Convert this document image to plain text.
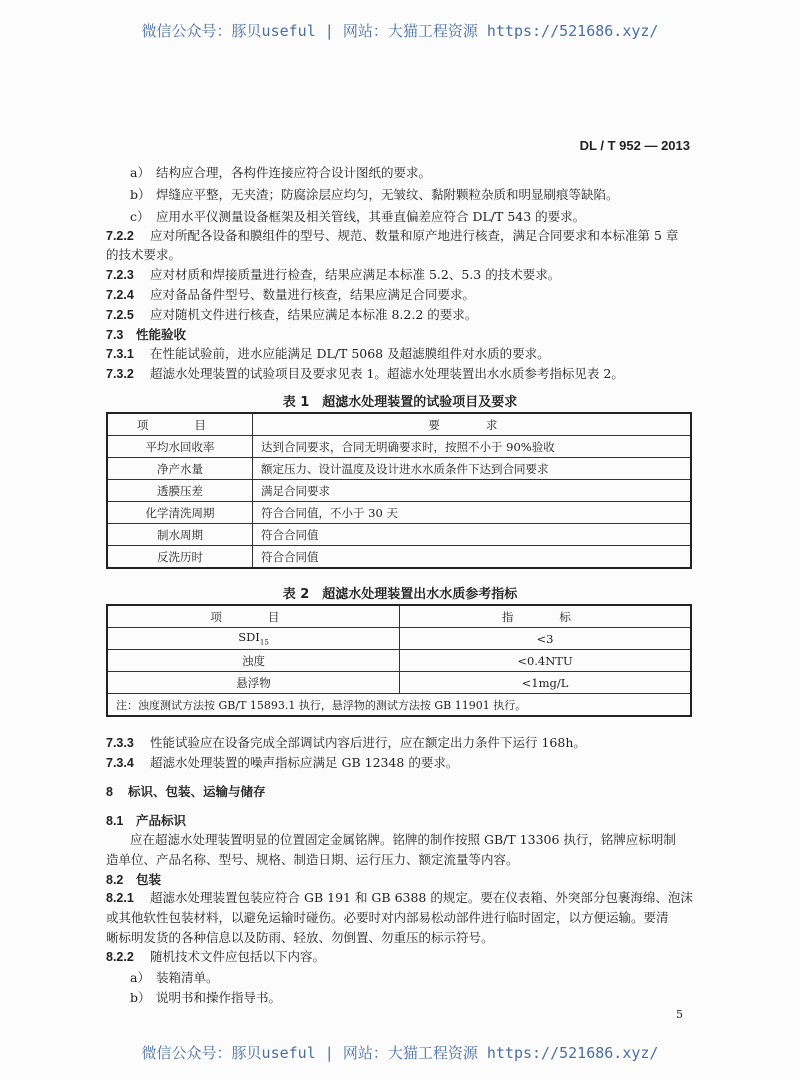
微信公众号：豚贝useful | 网站：大猫工程资源 https://521686.xyz/
微信公众号：豚贝useful | 网站：大猫工程资源 https://521686.xyz/
DL / T 952 — 2013
a） 结构应合理，各构件连接应符合设计图纸的要求。
b） 焊缝应平整，无夹渣；防腐涂层应均匀，无皱纹、黏附颗粒杂质和明显刷痕等缺陷。
c） 应用水平仪测量设备框架及相关管线，其垂直偏差应符合 DL/T 543 的要求。
7.2.2 应对所配各设备和膜组件的型号、规范、数量和原产地进行核查，满足合同要求和本标准第 5 章
的技术要求。
7.2.3 应对材质和焊接质量进行检查，结果应满足本标准 5.2、5.3 的技术要求。
7.2.4 应对备品备件型号、数量进行核查，结果应满足合同要求。
7.2.5 应对随机文件进行核查，结果应满足本标准 8.2.2 的要求。
7.3 性能验收
7.3.1 在性能试验前，进水应能满足 DL/T 5068 及超滤膜组件对水质的要求。
7.3.2 超滤水处理装置的试验项目及要求见表 1。超滤水处理装置出水水质参考指标见表 2。
表 1　超滤水处理装置的试验项目及要求
项　目	要　求
平均水回收率	达到合同要求，合同无明确要求时，按照不小于 90%验收
净产水量	额定压力、设计温度及设计进水水质条件下达到合同要求
透膜压差	满足合同要求
化学清洗周期	符合合同值，不小于 30 天
制水周期	符合合同值
反洗历时	符合合同值
表 2　超滤水处理装置出水水质参考指标
项　目	指　标
$SDI_{15}$	<3
浊度	<0.4NTU
悬浮物	<1mg/L
注：浊度测试方法按 GB/T 15893.1 执行，悬浮物的测试方法按 GB 11901 执行。	
7.3.3 性能试验应在设备完成全部调试内容后进行，应在额定出力条件下运行 168h。
7.3.4 超滤水处理装置的噪声指标应满足 GB 12348 的要求。
8 标识、包装、运输与储存
8.1 产品标识
应在超滤水处理装置明显的位置固定金属铭牌。铭牌的制作按照 GB/T 13306 执行，铭牌应标明制
造单位、产品名称、型号、规格、制造日期、运行压力、额定流量等内容。
8.2 包装
8.2.1 超滤水处理装置包装应符合 GB 191 和 GB 6388 的规定。要在仪表箱、外突部分包裹海绵、泡沫
或其他软性包装材料，以避免运输时碰伤。必要时对内部易松动部件进行临时固定，以方便运输。要清
晰标明发货的各种信息以及防雨、轻放、勿倒置、勿重压的标示符号。
8.2.2 随机技术文件应包括以下内容。
a） 装箱清单。
b） 说明书和操作指导书。
5
